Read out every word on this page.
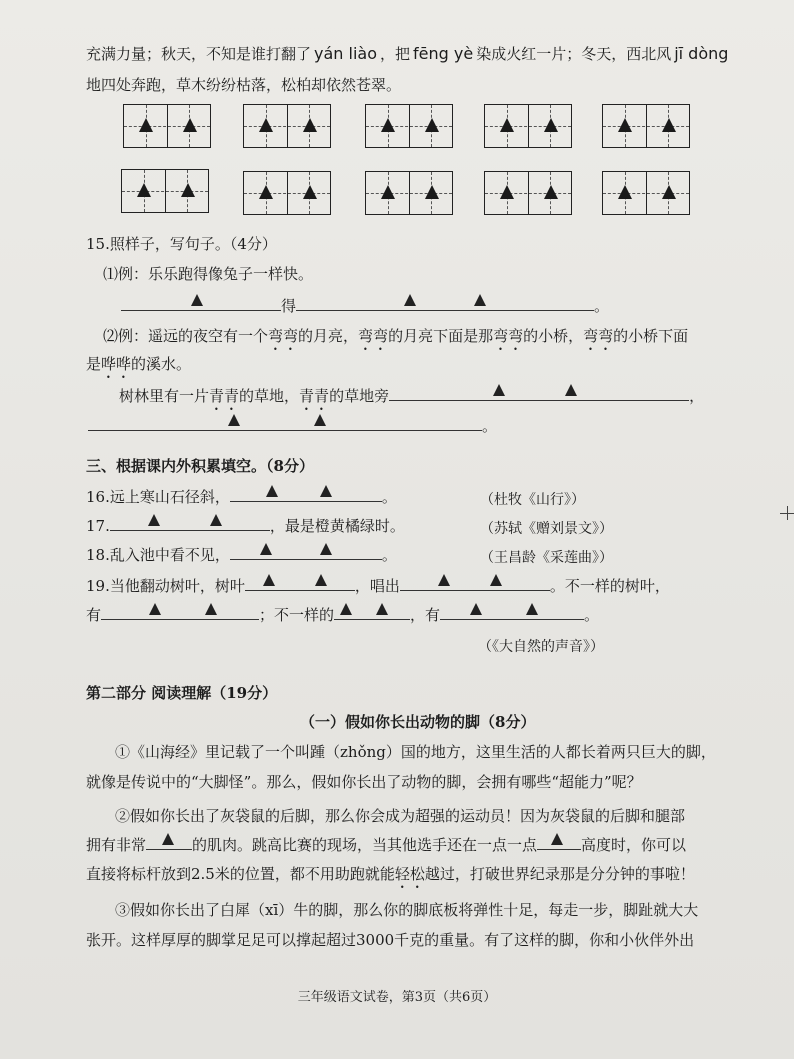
充满力量；秋天，不知是谁打翻了 yán liào ，把 fēng yè 染成火红一片；冬天，西北风 jī dòng
地四处奔跑，草木纷纷枯落，松柏却依然苍翠。
15.照样子，写句子。（4分）
⑴例：乐乐跑得像兔子一样快。
得	。
⑵例：遥远的夜空有一个弯弯的月亮，弯弯的月亮下面是那弯弯的小桥，弯弯的小桥下面
是哗哗的溪水。
树林里有一片青青的草地，青青的草地旁	，
。
三、根据课内外积累填空。（8分）
16.远上寒山石径斜，	。	（杜牧《山行》）
17.	，最是橙黄橘绿时。	（苏轼《赠刘景文》）
18.乱入池中看不见，	。	（王昌龄《采莲曲》）
19.当他翻动树叶，树叶	，唱出	。不一样的树叶，
有	；不一样的	，有	。
（《大自然的声音》）
第二部分 阅读理解（19分）
（一）假如你长出动物的脚（8分）
①《山海经》里记载了一个叫踵（zhǒng）国的地方，这里生活的人都长着两只巨大的脚，
就像是传说中的“大脚怪”。那么，假如你长出了动物的脚，会拥有哪些“超能力”呢？
②假如你长出了灰袋鼠的后脚，那么你会成为超强的运动员！因为灰袋鼠的后脚和腿部
拥有非常	的肌肉。跳高比赛的现场，当其他选手还在一点一点	高度时，你可以
直接将标杆放到2.5米的位置，都不用助跑就能轻松越过，打破世界纪录那是分分钟的事啦！
③假如你长出了白犀（xī）牛的脚，那么你的脚底板将弹性十足，每走一步，脚趾就大大
张开。这样厚厚的脚掌足足可以撑起超过3000千克的重量。有了这样的脚，你和小伙伴外出
三年级语文试卷，第3页（共6页）
